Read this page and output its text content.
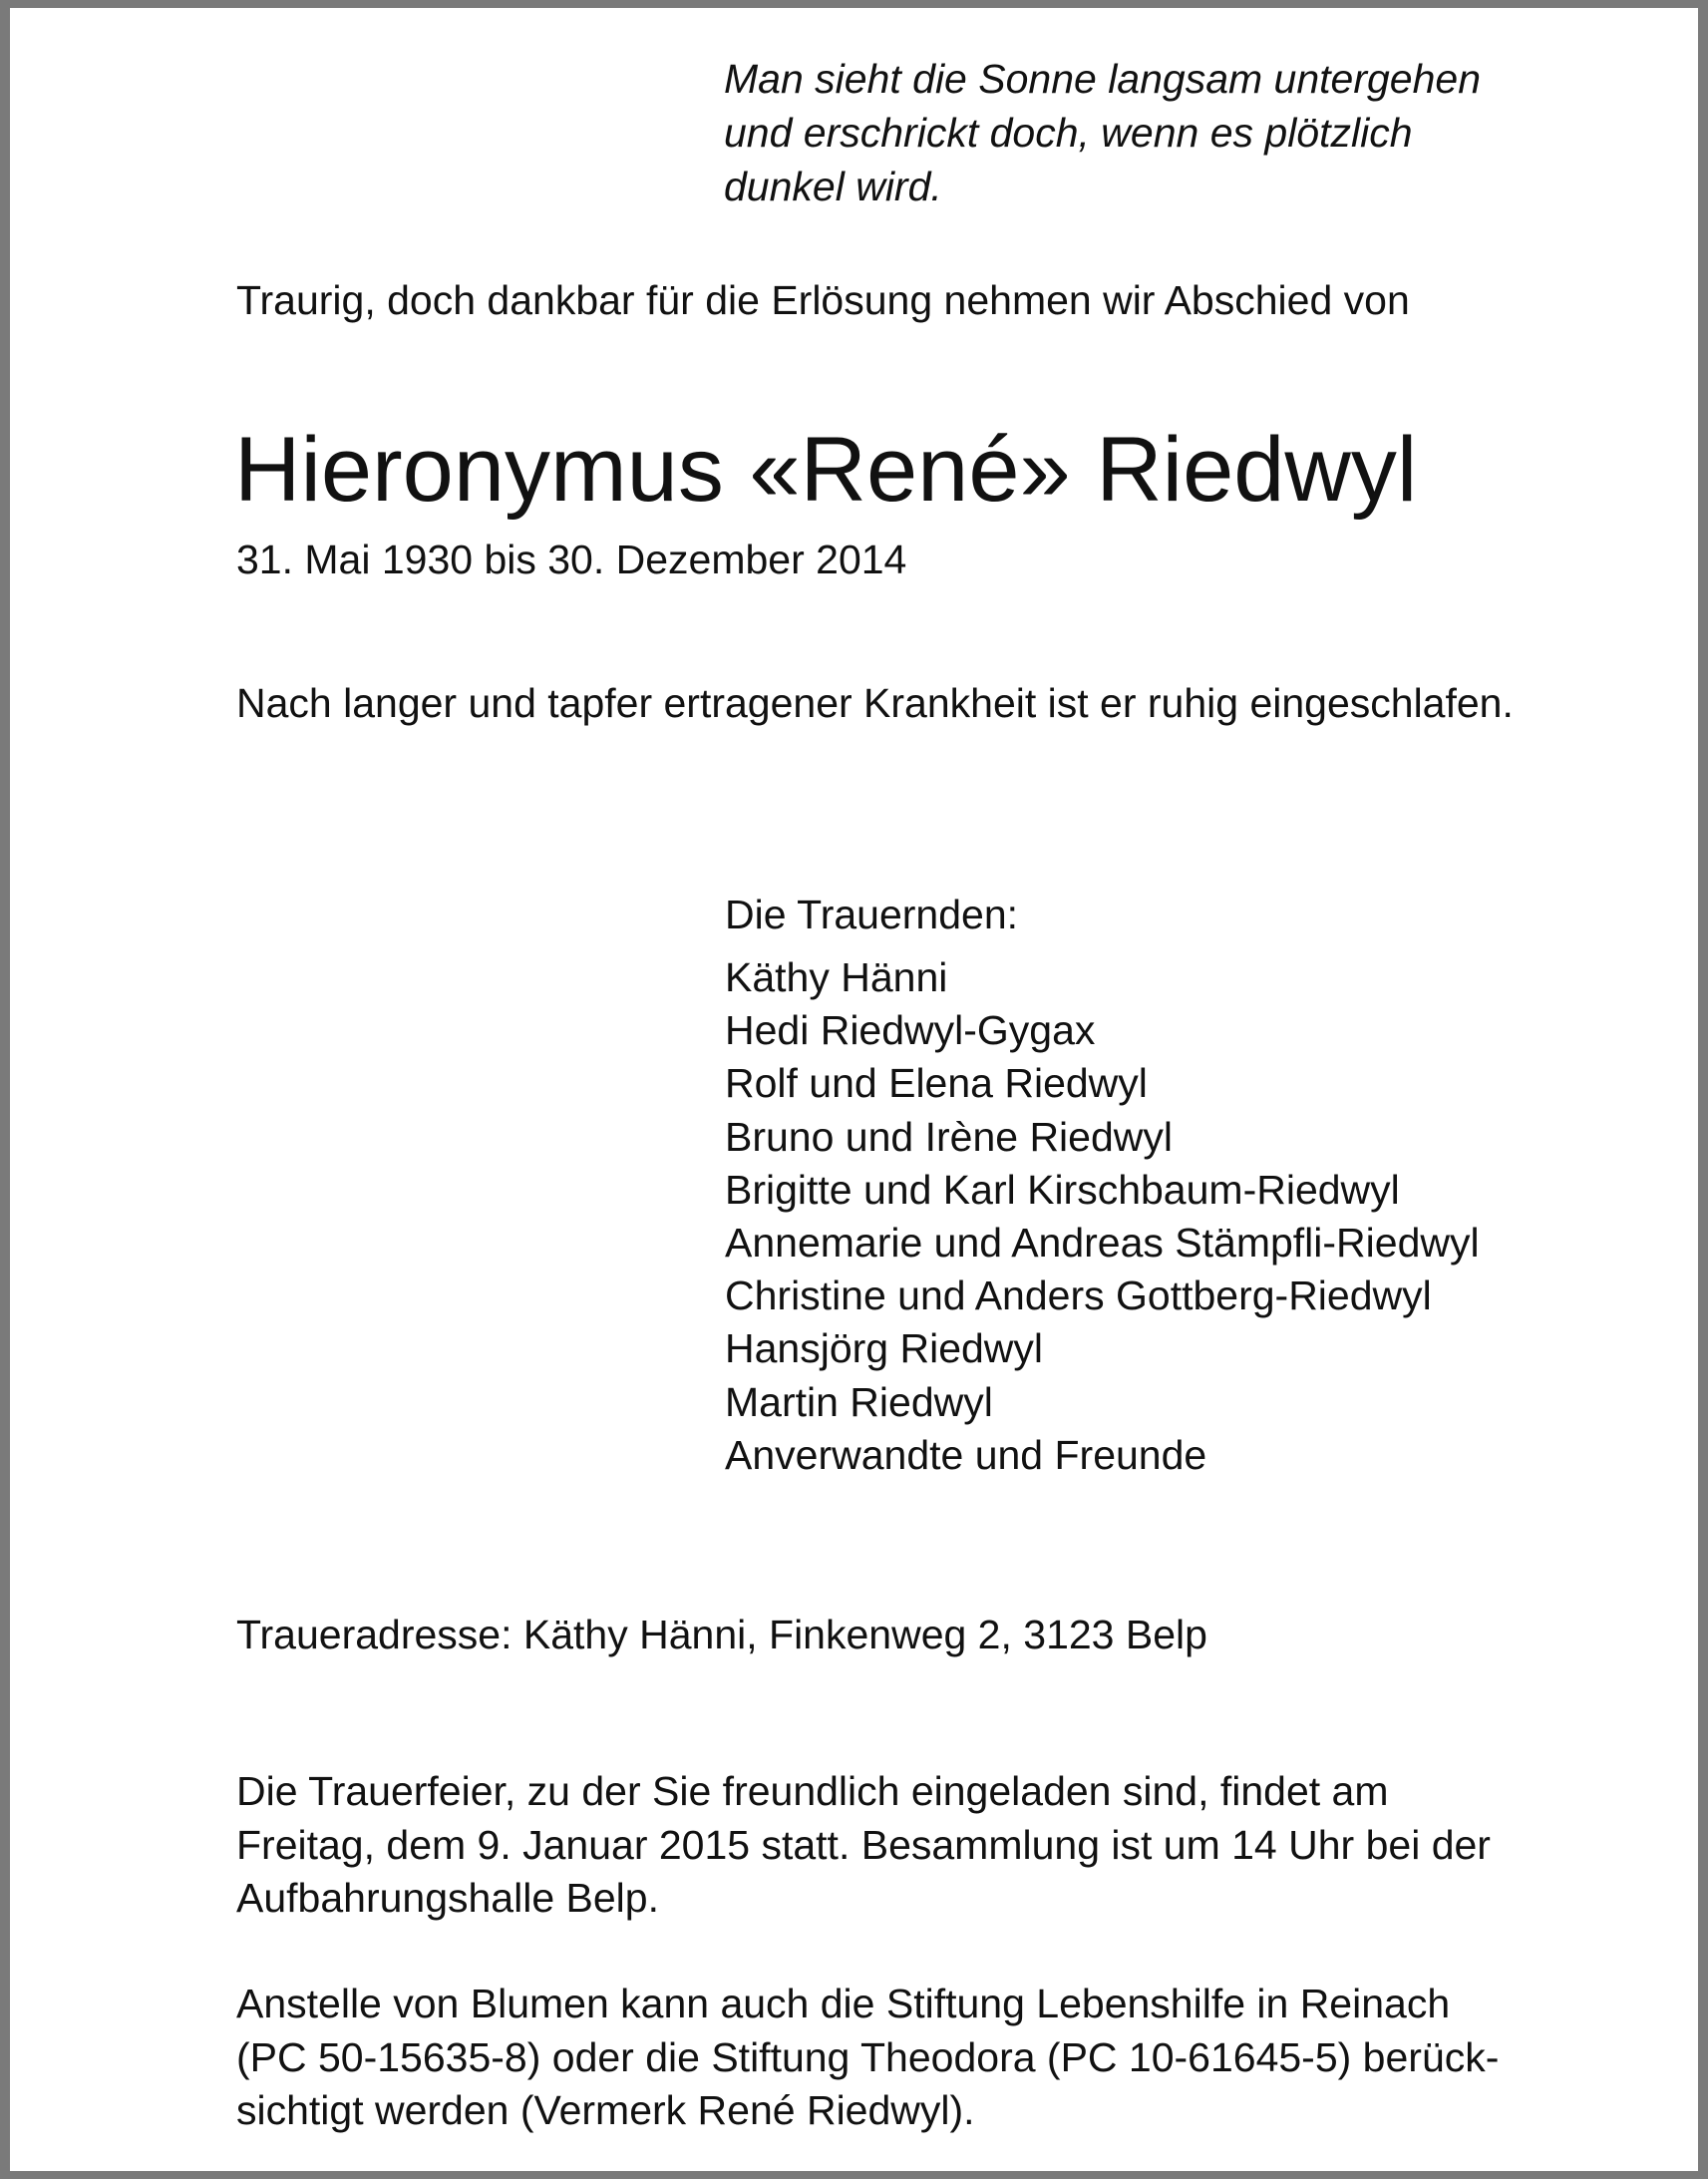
Man sieht die Sonne langsam untergehen
und erschrickt doch, wenn es plötzlich
dunkel wird.
Traurig, doch dankbar für die Erlösung nehmen wir Abschied von
Hieronymus «René» Riedwyl
31. Mai 1930 bis 30. Dezember 2014
Nach langer und tapfer ertragener Krankheit ist er ruhig eingeschlafen.
Die Trauernden:
Käthy Hänni
Hedi Riedwyl-Gygax
Rolf und Elena Riedwyl
Bruno und Irène Riedwyl
Brigitte und Karl Kirschbaum-Riedwyl
Annemarie und Andreas Stämpfli-Riedwyl
Christine und Anders Gottberg-Riedwyl
Hansjörg Riedwyl
Martin Riedwyl
Anverwandte und Freunde
Traueradresse: Käthy Hänni, Finkenweg 2, 3123 Belp
Die Trauerfeier, zu der Sie freundlich eingeladen sind, findet am
Freitag, dem 9. Januar 2015 statt. Besammlung ist um 14 Uhr bei der
Aufbahrungshalle Belp.
Anstelle von Blumen kann auch die Stiftung Lebenshilfe in Reinach
(PC 50-15635-8) oder die Stiftung Theodora (PC 10-61645-5) berück-
sichtigt werden (Vermerk René Riedwyl).
